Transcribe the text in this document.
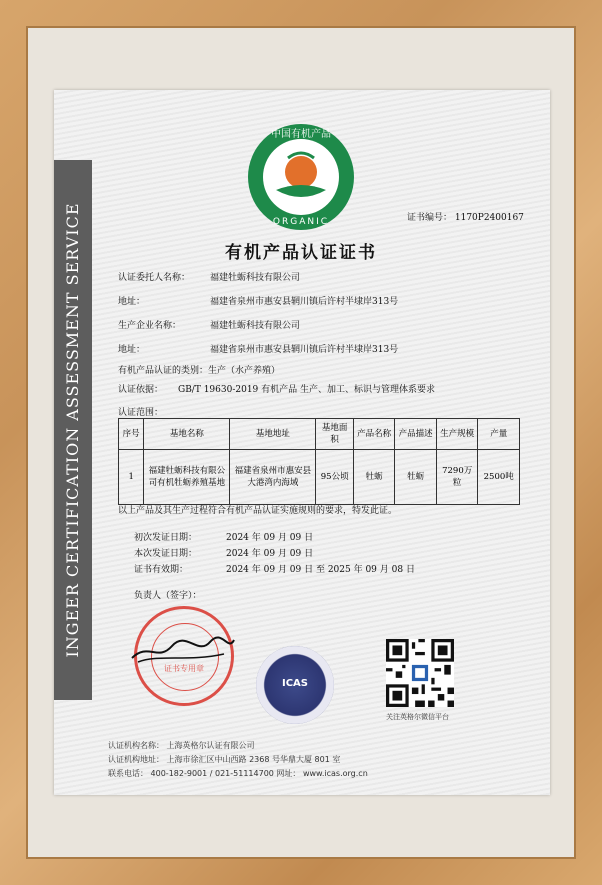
INGEER CERTIFICATION ASSESSMENT SERVICE
中国有机产品
ORGANIC	证书编号： 1170P2400167
有机产品认证证书
认证委托人名称： 福建牡蛎科技有限公司
地址：	福建省泉州市惠安县辋川镇后许村半埭岸313号
生产企业名称：	福建牡蛎科技有限公司
地址：	福建省泉州市惠安县辋川镇后许村半埭岸313号
有机产品认证的类别：生产（水产养殖）
认证依据： GB/T 19630-2019 有机产品 生产、加工、标识与管理体系要求
认证范围：
序号	基地名称	基地地址	基地面积	产品名称	产品描述	生产规模	产量
1	福建牡蛎科技有限公司有机牡蛎养殖基地	福建省泉州市惠安县大港湾内海域	95公顷	牡蛎	牡蛎	7290万粒	2500吨
以上产品及其生产过程符合有机产品认证实施规则的要求，特发此证。
初次发证日期：	2024 年 09 月 09 日
本次发证日期：	2024 年 09 月 09 日
证书有效期：	2024 年 09 月 09 日 至 2025 年 09 月 08 日
负责人（签字）：
证书专用章
ICAS
关注英格尔微信平台
认证机构名称： 上海英格尔认证有限公司
认证机构地址： 上海市徐汇区中山西路 2368 号华鼎大厦 801 室
联系电话： 400-182-9001 / 021-51114700 网址： www.icas.org.cn
